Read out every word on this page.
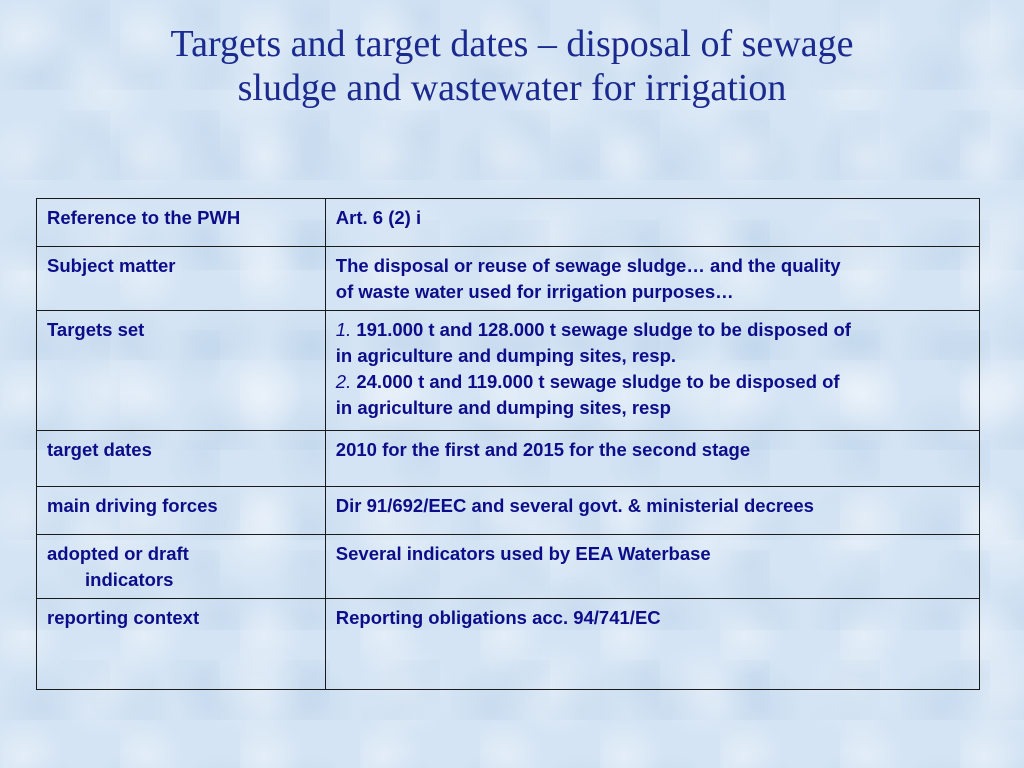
Targets and target dates – disposal of sewage
sludge and wastewater for irrigation
Reference to the PWH	Art. 6 (2) i
Subject matter	The disposal or reuse of sewage sludge… and the quality
of waste water used for irrigation purposes…

Targets set	1. 191.000 t and 128.000 t sewage sludge to be disposed of
in agriculture and dumping sites, resp.
2. 24.000 t and 119.000 t sewage sludge to be disposed of
in agriculture and dumping sites, resp

target dates	2010 for the first and 2015 for the second stage
main driving forces	Dir 91/692/EEC and several govt. & ministerial decrees

adopted or draft
indicators	Several indicators used by EEA Waterbase
reporting context	Reporting obligations acc. 94/741/EC
